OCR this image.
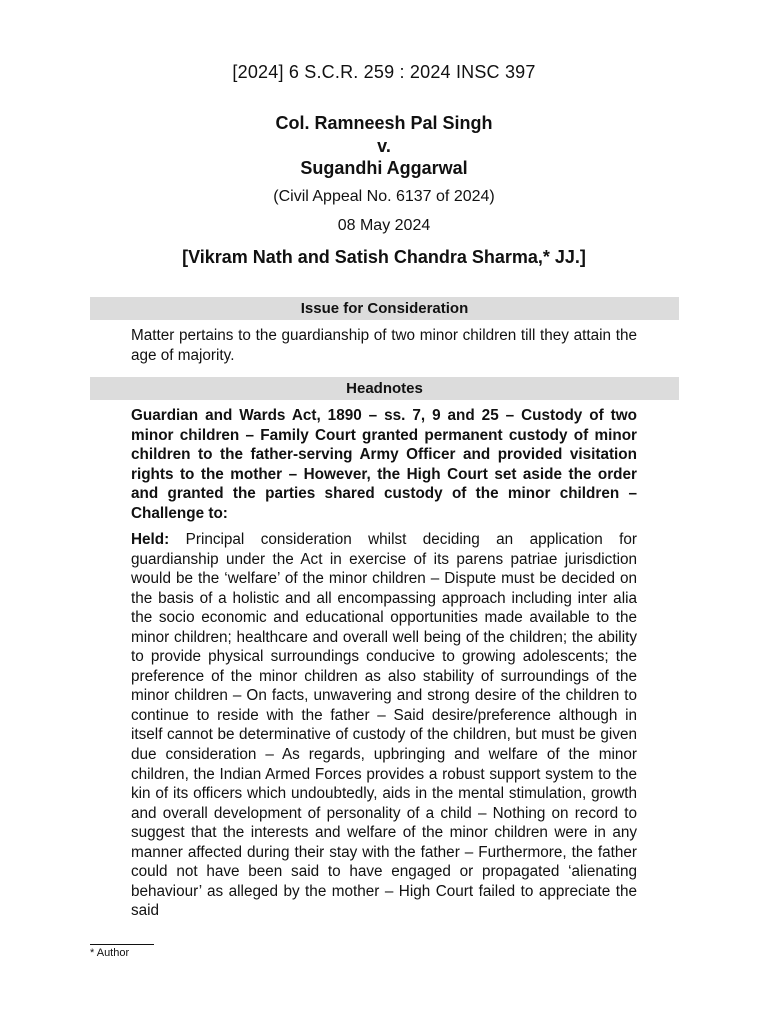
[2024] 6 S.C.R. 259 : 2024 INSC 397
Col. Ramneesh Pal Singh
v.
Sugandhi Aggarwal
(Civil Appeal No. 6137 of 2024)
08 May 2024
[Vikram Nath and Satish Chandra Sharma,* JJ.]
Issue for Consideration

Matter pertains to the guardianship of two minor children till they attain the age of majority.

Headnotes

Guardian and Wards Act, 1890 – ss. 7, 9 and 25 – Custody of two minor children – Family Court granted permanent custody of minor children to the father-serving Army Officer and provided visitation rights to the mother – However, the High Court set aside the order and granted the parties shared custody of the minor children – Challenge to:

Held: Principal consideration whilst deciding an application for guardianship under the Act in exercise of its parens patriae jurisdiction would be the ‘welfare’ of the minor children – Dispute must be decided on the basis of a holistic and all encompassing approach including inter alia the socio economic and educational opportunities made available to the minor children; healthcare and overall well being of the children; the ability to provide physical surroundings conducive to growing adolescents; the preference of the minor children as also stability of surroundings of the minor children – On facts, unwavering and strong desire of the children to continue to reside with the father – Said desire/preference although in itself cannot be determinative of custody of the children, but must be given due consideration – As regards, upbringing and welfare of the minor children, the Indian Armed Forces provides a robust support system to the kin of its officers which undoubtedly, aids in the mental stimulation, growth and overall development of personality of a child – Nothing on record to suggest that the interests and welfare of the minor children were in any manner affected during their stay with the father – Furthermore, the father could not have been said to have engaged or propagated ‘alienating behaviour’ as alleged by the mother – High Court failed to appreciate the said

* Author
